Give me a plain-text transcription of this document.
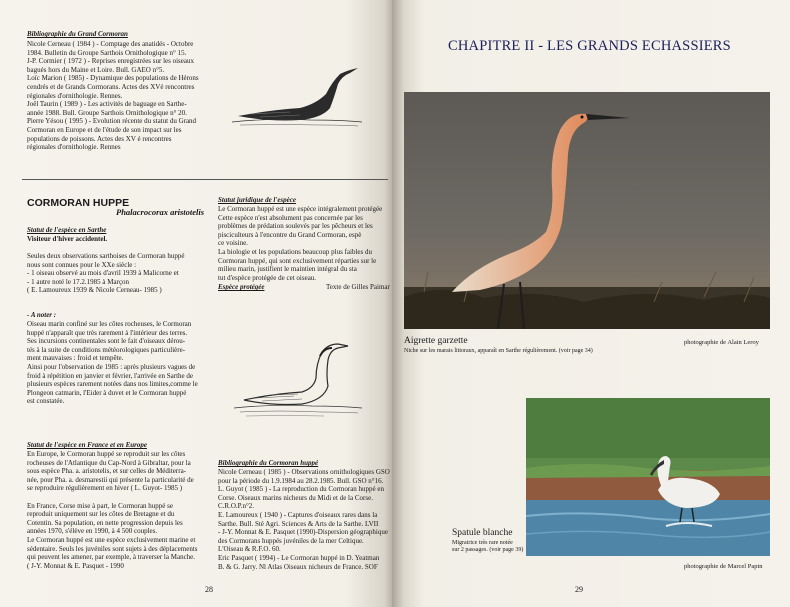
Bibliographie du Grand Cormoran
Nicole Cerneau ( 1984 ) - Comptage des anatidés - Octobre
1984. Bulletin du Groupe Sarthois Ornithologique n° 15.
J-P. Cormier ( 1972 ) - Reprises enregistrées sur les oiseaux
bagués hors du Maine et Loire. Bull. GAEO n°5.
Loïc Marion ( 1985) - Dynamique des populations de Hérons
cendrés et de Grands Cormorans. Actes des XVé rencontres
régionales d'ornithologie. Rennes.
Joël Taurin ( 1989 ) - Les activités de baguage en Sarthe-
année 1988. Bull. Groupe Sarthois Ornithologique n° 20.
Pierre Yésou ( 1995 ) - Evolution récente du statut du Grand
Cormoran en Europe et de l'étude de son impact sur les
populations de poissons. Actes des XV é rencontres
régionales d'ornithologie. Rennes
CORMORAN HUPPE
Phalacrocorax aristotelis
Statut de l'espèce en Sarthe
Visiteur d'hiver accidentel.
Seules deux observations sarthoises de Cormoran huppé
nous sont connues pour le XXe siècle :
- 1 oiseau observé au mois d'avril 1939 à Malicorne et
- 1 autre noté le 17.2.1985 à Marçon
( E. Lamoureux 1939 & Nicole Cerneau- 1985 )
- A noter :
Oiseau marin confiné sur les côtes rocheuses, le Cormoran
huppé n'apparaît que très rarement à l'intérieur des terres.
Ses incursions continentales sont le fait d'oiseaux dérou-
tés à la suite de conditions météorologiques particulière-
ment mauvaises : froid et tempête.
Ainsi pour l'observation de 1985 : après plusieurs vagues de
froid à répétition en janvier et février, l'arrivée en Sarthe de
plusieurs espèces rarement notées dans nos limites,comme le
Plongeon catmarin, l'Eider à duvet et le Cormoran huppé
est constatée.
Statut de l'espèce en France et en Europe
En Europe, le Cormoran huppé se reproduit sur les côtes
rocheuses de l'Atlantique du Cap-Nord à Gibraltar, pour la
sous espèce Pha. a. aristotelis, et sur celles de Méditerra-
née, pour Pha. a. desmarestii qui présente la particularité de
se reproduire régulièrement en hiver ( L. Guyot- 1985 )
En France, Corse mise à part, le Cormoran huppé se
reproduit uniquement sur les côtes de Bretagne et du
Cotentin. Sa population, en nette progression depuis les
années 1970, s'élève en 1990, à 4 500 couples.
Le Cormoran huppé est une espèce exclusivement marine et
sédentaire. Seuls les juvéniles sont sujets à des déplacements
qui peuvent les amener, par exemple, à traverser la Manche.
( J-Y. Monnat & E. Pasquet - 1990
Statut juridique de l'espèce
Le Cormoran huppé est une espèce intégralement protégée
Cette espèce n'est absolument pas concernée par les
problèmes de prédation soulevés par les pêcheurs et les
pisciculteurs à l'encontre du Grand Cormoran, espè
ce voisine.
La biologie et les populations beaucoup plus faibles du
Cormoran huppé, qui sont exclusivement réparties sur le
milieu marin, justifient le maintien intégral du sta
tut d'espèce protégée de cet oiseau.
Espèce protégée	Texte de Gilles Paimar
Bibliographie du Cormoran huppé
Nicole Cerneau ( 1985 ) - Observations ornithologiques GSO
pour la période du 1.9.1984 au 28.2.1985. Bull. GSO n°16.
L. Guyot ( 1985 ) - La reproduction du Cormoran huppé en
Corse. Oiseaux marins nicheurs du Midi et de la Corse.
C.R.O.P.n°2.
E. Lamoureux ( 1940 ) - Captures d'oiseaux rares dans la
Sarthe. Bull. Sté Agri. Sciences & Arts de la Sarthe. LVII
- J-Y. Monnat & E. Pasquet (1990)-Dispersion géographique
des Cormorans huppés juvéniles de la mer Celtique.
L'Oiseau & R.F.O. 60.
Eric Pasquet ( 1994) - Le Cormoran huppé in D. Yeatman
B. & G. Jarry. Nl Atlas Oiseaux nicheurs de France. SOF
28
CHAPITRE II - LES GRANDS ECHASSIERS
Aigrette garzette	photographie de Alain Leroy
Niche sur les marais littoraux, apparaît en Sarthe régulièrement. (voir page 34)
Spatule blanche
Migratrice très rare notée
sur 2 passages. (voir page 39)
photographie de Marcel Papin
29
